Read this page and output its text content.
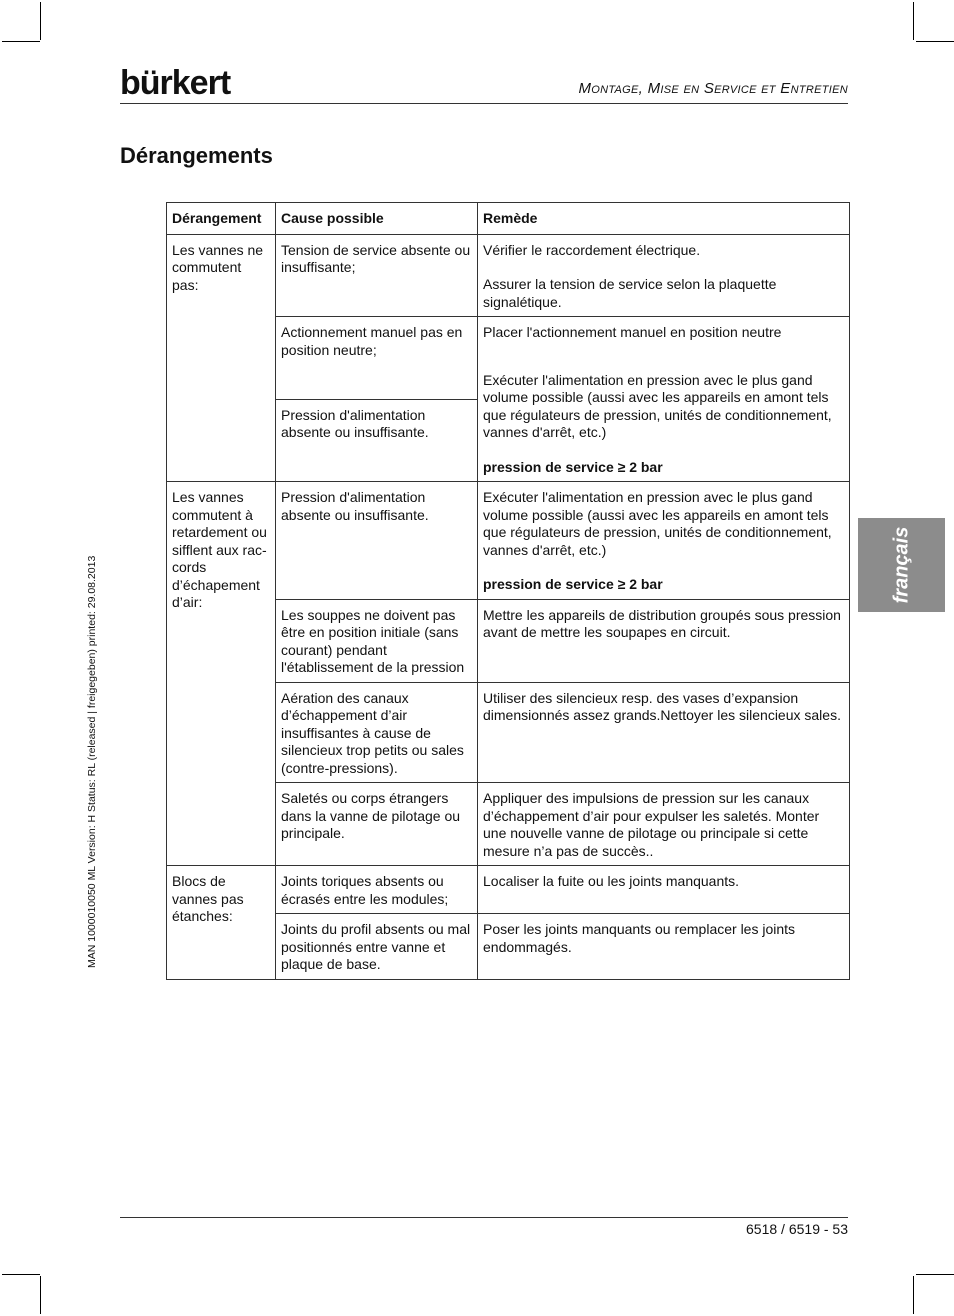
bürkert	Montage, Mise en Service et Entretien
Dérangements
français
MAN 1000010050 ML Version: H Status: RL (released | freigegeben) printed: 29.08.2013
Dérangement	Cause possible	Remède
Les vannes ne commutent pas:	Tension de service absente ou insuffisante;	Vérifier le raccordement électrique.
Assurer la tension de service selon la plaquette signalétique.

	Actionnement manuel pas en position neutre;	Placer l'actionnement manuel en position neutre
Exécuter l'alimentation en pression avec le plus gand volume possible (aussi avec les appareils en amont tels que régulateurs de pression, unités de conditionnement, vannes d'arrêt, etc.)
pression de service ≥ 2 bar
	Pression d'alimentation absente ou insuffisante.	
Les vannes commutent à retardement ou sifflent aux rac-cords d’échapement d’air:	Pression d'alimentation absente ou insuffisante.	Exécuter l'alimentation en pression avec le plus gand volume possible (aussi avec les appareils en amont tels que régulateurs de pression, unités de conditionnement, vannes d'arrêt, etc.)
pression de service ≥ 2 bar
	Les souppes ne doivent pas être en position initiale (sans courant) pendant l'établissement de la pression	Mettre les appareils de distribution groupés sous pression avant de mettre les soupapes en circuit.
	Aération des canaux d’échappement d’air insuffisantes à cause de silencieux trop petits ou sales (contre-pressions).	Utiliser des silencieux resp. des vases d’expansion dimensionnés assez grands.Nettoyer les silencieux sales.
	Saletés ou corps étrangers dans la vanne de pilotage ou principale.	Appliquer des impulsions de pression sur les canaux d’échappement d’air pour expulser les saletés. Monter une nouvelle vanne de pilotage ou principale si cette mesure n’a pas de succès..
Blocs de vannes pas étanches:	Joints toriques absents ou écrasés entre les modules;	Localiser la fuite ou les joints manquants.
	Joints du profil absents ou mal positionnés entre vanne et plaque de base.	Poser les joints manquants ou remplacer les joints endommagés.
6518 / 6519 - 53
